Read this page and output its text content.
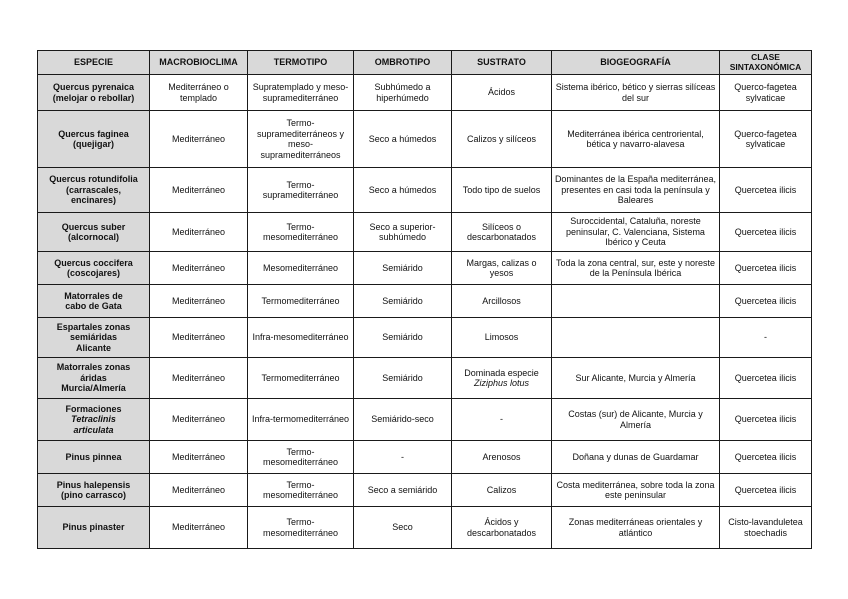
ESPECIE	MACROBIOCLIMA	TERMOTIPO	OMBROTIPO	SUSTRATO	BIOGEOGRAFÍA	CLASE
SINTAXONÓMICA
Quercus pyrenaica
(melojar o rebollar)	Mediterráneo o templado	Supratemplado y meso-supramediterráneo	Subhúmedo a hiperhúmedo	Ácidos	Sistema ibérico, bético y sierras silíceas del sur	Querco-fagetea sylvaticae
Quercus faginea
(quejigar)	Mediterráneo	Termo-supramediterráneos y meso-supramediterráneos	Seco a húmedos	Calizos y silíceos	Mediterránea ibérica centroriental, bética y navarro-alavesa	Querco-fagetea sylvaticae
Quercus rotundifolia
(carrascales,
encinares)	Mediterráneo	Termo-supramediterráneo	Seco a húmedos	Todo tipo de suelos	Dominantes de la España mediterránea, presentes en casi toda la península y Baleares	Quercetea ilicis
Quercus suber
(alcornocal)	Mediterráneo	Termo-mesomediterráneo	Seco a superior-subhúmedo	Silíceos o descarbonatados	Suroccidental, Cataluña, noreste peninsular, C. Valenciana, Sistema Ibérico y Ceuta	Quercetea ilicis
Quercus coccifera
(coscojares)	Mediterráneo	Mesomediterráneo	Semiárido	Margas, calizas o yesos	Toda la zona central, sur, este y noreste de la Península Ibérica	Quercetea ilicis
Matorrales de
cabo de Gata	Mediterráneo	Termomediterráneo	Semiárido	Arcillosos		Quercetea ilicis
Espartales zonas
semiáridas
Alicante	Mediterráneo	Infra-mesomediterráneo	Semiárido	Limosos		-
Matorrales zonas
áridas
Murcia/Almería	Mediterráneo	Termomediterráneo	Semiárido	Dominada especie
Ziziphus lotus	Sur Alicante, Murcia y Almería	Quercetea ilicis
Formaciones
Tetraclinis
articulata	Mediterráneo	Infra-termomediterráneo	Semiárido-seco	-	Costas (sur) de Alicante, Murcia y Almería	Quercetea ilicis
Pinus pinnea	Mediterráneo	Termo-mesomediterráneo	-	Arenosos	Doñana y dunas de Guardamar	Quercetea ilicis
Pinus halepensis
(pino carrasco)	Mediterráneo	Termo-mesomediterráneo	Seco a semiárido	Calizos	Costa mediterránea, sobre toda la zona este peninsular	Quercetea ilicis
Pinus pinaster	Mediterráneo	Termo-mesomediterráneo	Seco	Ácidos y descarbonatados	Zonas mediterráneas orientales y atlántico	Cisto-lavanduletea stoechadis
